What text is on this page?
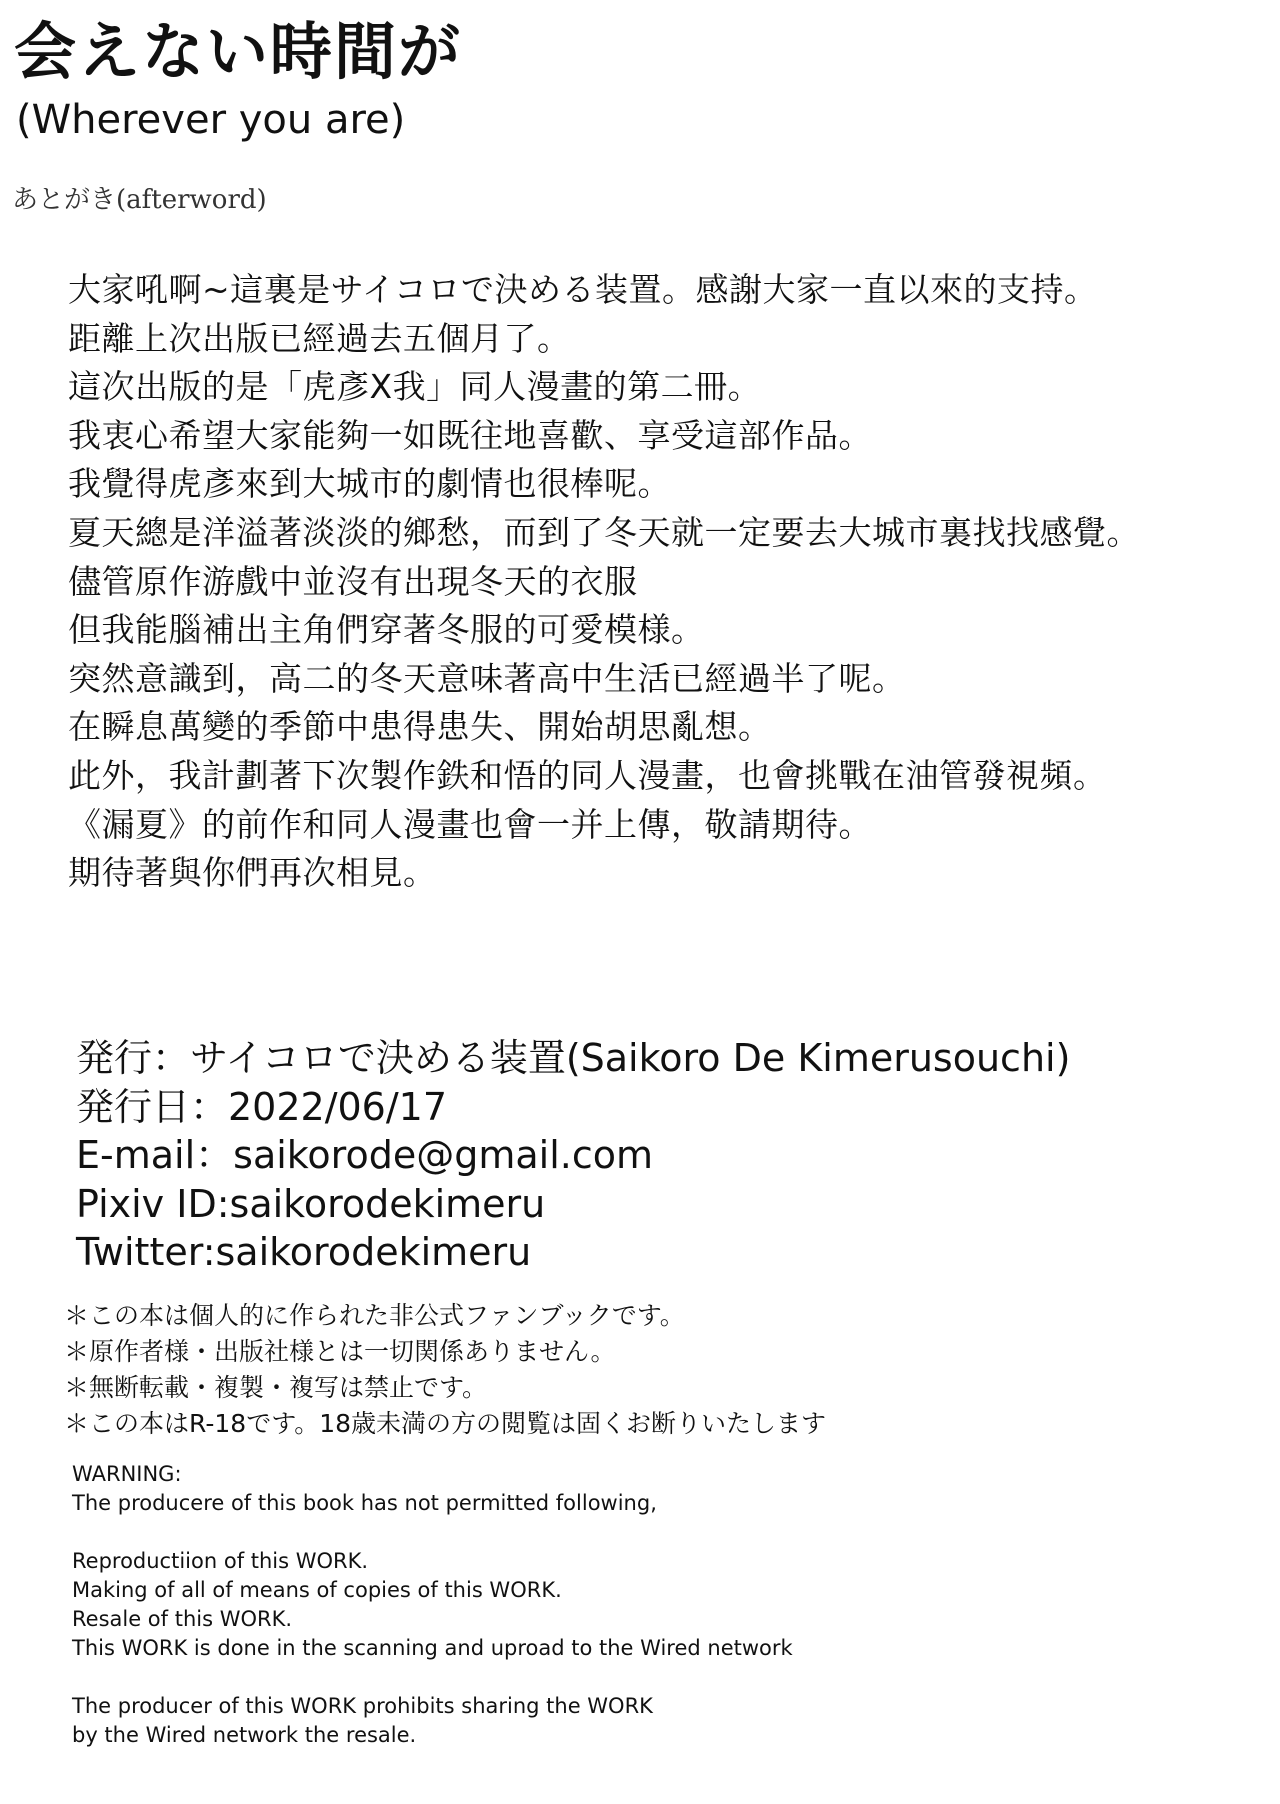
会えない時間が
(Wherever you are)
あとがき(afterword)
大家吼啊~這裏是サイコロで決める装置。感謝大家一直以來的支持。
距離上次出版已經過去五個月了。
這次出版的是「虎彥X我」同人漫畫的第二冊。
我衷心希望大家能夠一如既往地喜歡、享受這部作品。
我覺得虎彥來到大城市的劇情也很棒呢。
夏天總是洋溢著淡淡的鄉愁，而到了冬天就一定要去大城市裏找找感覺。
儘管原作游戲中並沒有出現冬天的衣服
但我能腦補出主角們穿著冬服的可愛模様。
突然意識到，高二的冬天意味著高中生活已經過半了呢。
在瞬息萬變的季節中患得患失、開始胡思亂想。
此外，我計劃著下次製作鉄和悟的同人漫畫，也會挑戰在油管發視頻。
《漏夏》的前作和同人漫畫也會一并上傳，敬請期待。
期待著與你們再次相見。
発行：サイコロで決める装置(Saikoro De Kimerusouchi)
発行日：2022/06/17
E-mail：saikorode@gmail.com
Pixiv ID:saikorodekimeru
Twitter:saikorodekimeru
＊この本は個人的に作られた非公式ファンブックです。
＊原作者様・出版社様とは一切関係ありません。
＊無断転載・複製・複写は禁止です。
＊この本はR-18です。18歳未満の方の閲覧は固くお断りいたします
WARNING:
The producere of this book has not permitted following,
Reproductiion of this WORK.
Making of all of means of copies of this WORK.
Resale of this WORK.
This WORK is done in the scanning and uproad to the Wired network
The producer of this WORK prohibits sharing the WORK
by the Wired network the resale.
